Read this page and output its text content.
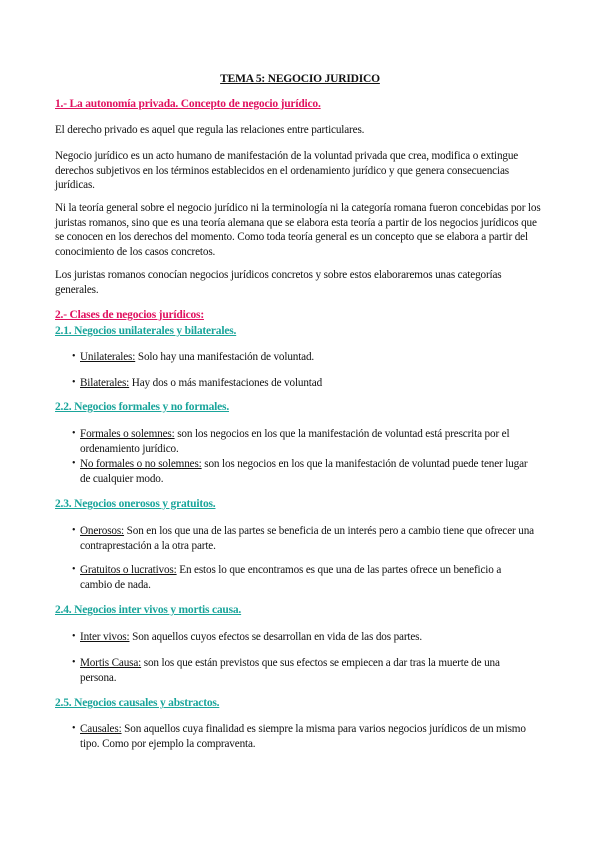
TEMA 5: NEGOCIO JURIDICO
1.- La autonomía privada. Concepto de negocio jurídico.

El derecho privado es aquel que regula las relaciones entre particulares.

Negocio jurídico es un acto humano de manifestación de la voluntad privada que crea, modifica o extingue derechos subjetivos en los términos establecidos en el ordenamiento jurídico y que genera consecuencias jurídicas.

Ni la teoría general sobre el negocio jurídico ni la terminología ni la categoría romana fueron concebidas por los juristas romanos, sino que es una teoría alemana que se elabora esta teoría a partir de los negocios jurídicos que se conocen en los derechos del momento. Como toda teoría general es un concepto que se elabora a partir del conocimiento de los casos concretos.

Los juristas romanos conocían negocios jurídicos concretos y sobre estos elaboraremos unas categorías generales.

2.- Clases de negocios jurídicos:
2.1. Negocios unilaterales y bilaterales.
• Unilaterales: Solo hay una manifestación de voluntad.
• Bilaterales: Hay dos o más manifestaciones de voluntad
2.2. Negocios formales y no formales.
• Formales o solemnes: son los negocios en los que la manifestación de voluntad está prescrita por el ordenamiento jurídico.
• No formales o no solemnes: son los negocios en los que la manifestación de voluntad puede tener lugar de cualquier modo.
2.3. Negocios onerosos y gratuitos.
• Onerosos: Son en los que una de las partes se beneficia de un interés pero a cambio tiene que ofrecer una contraprestación a la otra parte.
• Gratuitos o lucrativos: En estos lo que encontramos es que una de las partes ofrece un beneficio a cambio de nada.
2.4. Negocios inter vivos y mortis causa.
• Inter vivos: Son aquellos cuyos efectos se desarrollan en vida de las dos partes.
• Mortis Causa: son los que están previstos que sus efectos se empiecen a dar tras la muerte de una persona.
2.5. Negocios causales y abstractos.
• Causales: Son aquellos cuya finalidad es siempre la misma para varios negocios jurídicos de un mismo tipo. Como por ejemplo la compraventa.
